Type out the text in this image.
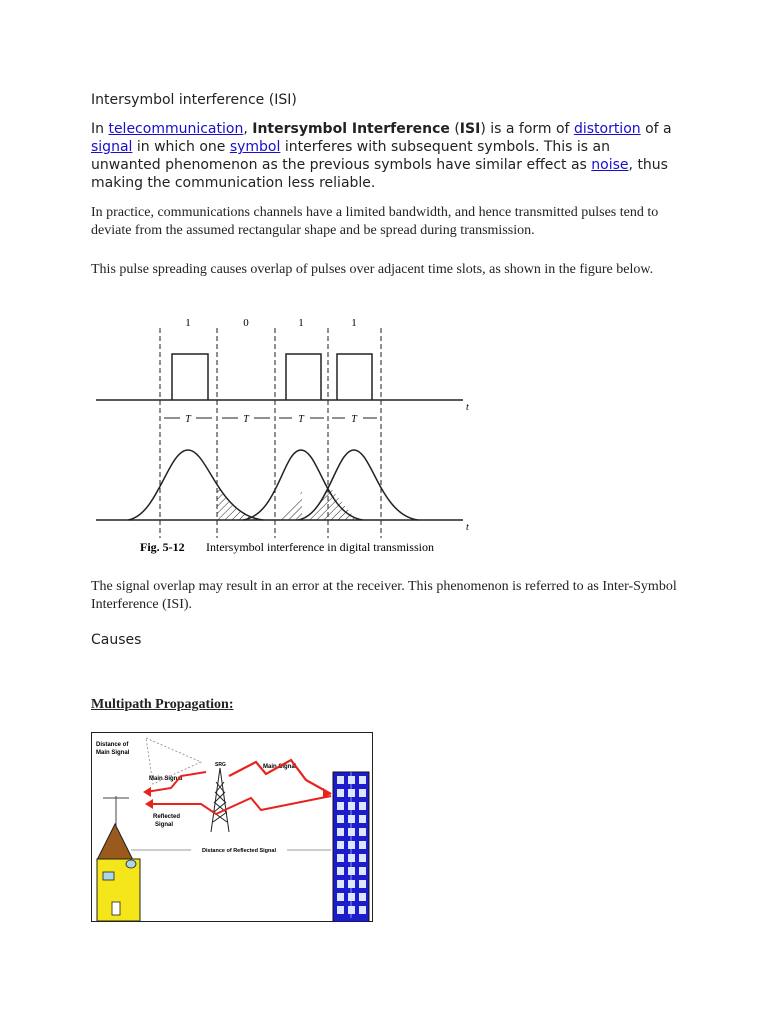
Intersymbol interference (ISI)
In telecommunication, Intersymbol Interference (ISI) is a form of distortion of a signal in which one symbol interferes with subsequent symbols. This is an unwanted phenomenon as the previous symbols have similar effect as noise, thus making the communication less reliable.
In practice, communications channels have a limited bandwidth, and hence transmitted pulses tend to deviate from the assumed rectangular shape and be spread during transmission.
This pulse spreading causes overlap of pulses over adjacent time slots, as shown in the figure below.
1	0	1	1
t
T	T	T	T
t
Fig. 5-12 Intersymbol interference in digital transmission
The signal overlap may result in an error at the receiver. This phenomenon is referred to as Inter-Symbol Interference (ISI).
Causes
Multipath Propagation:
Distance of
Main Signal
Main Signal
Main Signal
Reflected
Signal
SRG
Distance of Reflected Signal
